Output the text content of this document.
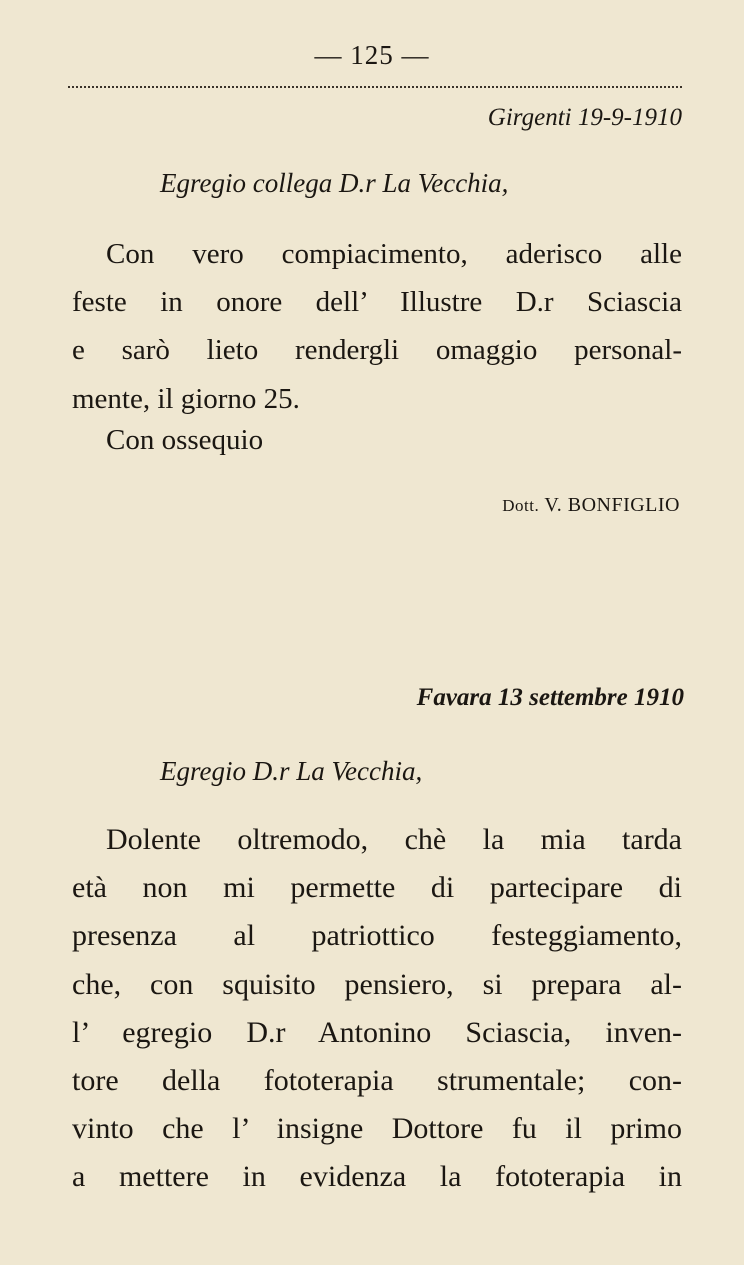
— 125 —
Girgenti 19-9-1910
Egregio collega D.r La Vecchia,
Con vero compiacimento, aderisco alle
feste in onore dell’ Illustre D.r Sciascia
e sarò lieto rendergli omaggio personal-
mente, il giorno 25.
Con ossequio
Dott. V. BONFIGLIO
Favara 13 settembre 1910
Egregio D.r La Vecchia,
Dolente oltremodo, chè la mia tarda
età non mi permette di partecipare di
presenza al patriottico festeggiamento,
che, con squisito pensiero, si prepara al-
l’ egregio D.r Antonino Sciascia, inven-
tore della fototerapia strumentale; con-
vinto che l’ insigne Dottore fu il primo
a mettere in evidenza la fototerapia in
